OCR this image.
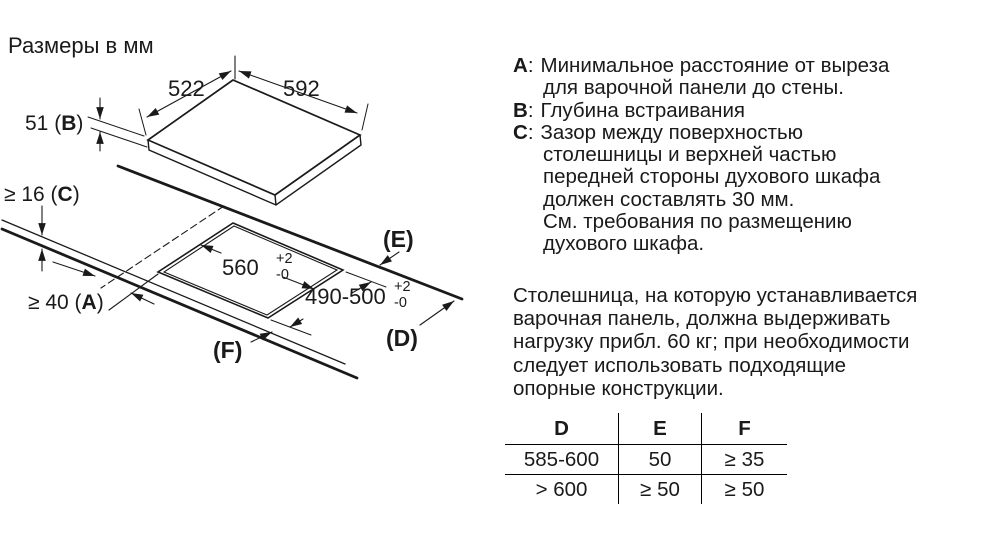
Размеры в мм
522	592
51 (B)
≥ 16 (C)
≥ 40 (A)
560 +2
-0
490-500 +2
-0
(E)
(D)
(F)
A: Минимальное расстояние от выреза
для варочной панели до стены.
B: Глубина встраивания
C: Зазор между поверхностью
столешницы и верхней частью
передней стороны духового шкафа
должен составлять 30 мм.
См. требования по размещению
духового шкафа.
Столешница, на которую устанавливается
варочная панель, должна выдерживать
нагрузку прибл. 60 кг; при необходимости
следует использовать подходящие
опорные конструкции.
D	E	F
585-600	50	≥ 35
> 600	≥ 50	≥ 50
